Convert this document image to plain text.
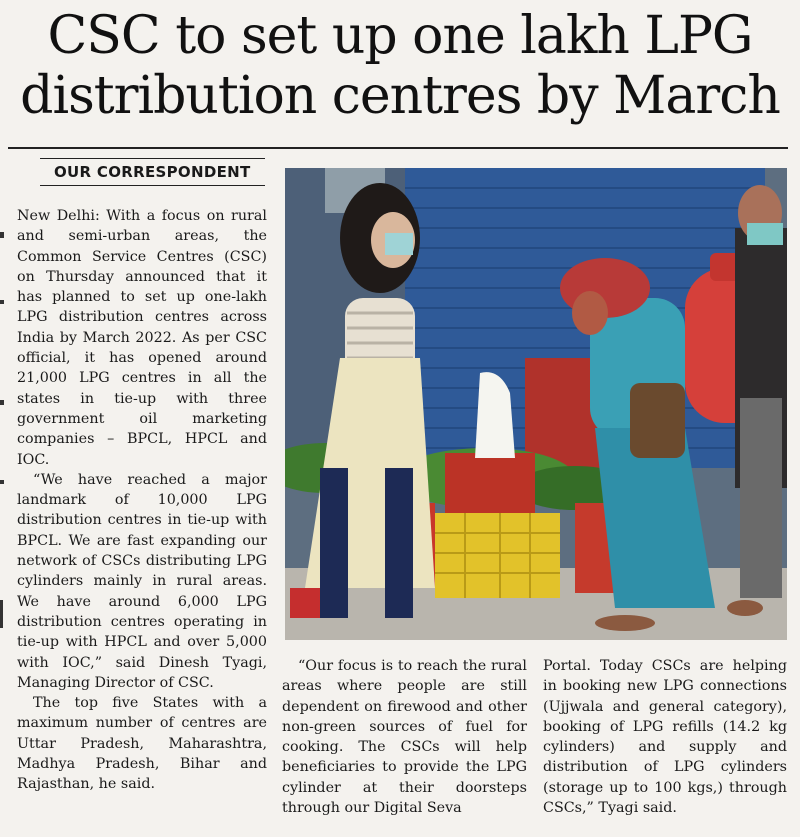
CSC to set up one lakh LPG
distribution centres by March
OUR CORRESPONDENT

New Delhi: With a focus on rural and semi-urban areas, the Common Service Centres (CSC) on Thursday announced that it has planned to set up one-lakh LPG distribution centres across India by March 2022. As per CSC official, it has opened around 21,000 LPG centres in all the states in tie-up with three government oil marketing companies – BPCL, HPCL and IOC.

“We have reached a major landmark of 10,000 LPG distribution centres in tie-up with BPCL. We are fast expanding our network of CSCs distributing LPG cylinders mainly in rural areas. We have around 6,000 LPG distribution centres operating in tie-up with HPCL and over 5,000 with IOC,” said Dinesh Tyagi, Managing Director of CSC.

The top five States with a maximum number of centres are Uttar Pradesh, Maharashtra, Madhya Pradesh, Bihar and Rajasthan, he said.

“Our focus is to reach the rural areas where people are still dependent on firewood and other non-green sources of fuel for cooking. The CSCs will help beneficiaries to provide the LPG cylinder at their doorsteps through our Digital Seva

Portal. Today CSCs are helping in booking new LPG connections (Ujjwala and general category), booking of LPG refills (14.2 kg cylinders) and supply and distribution of LPG cylinders (storage up to 100 kgs,) through CSCs,” Tyagi said.
